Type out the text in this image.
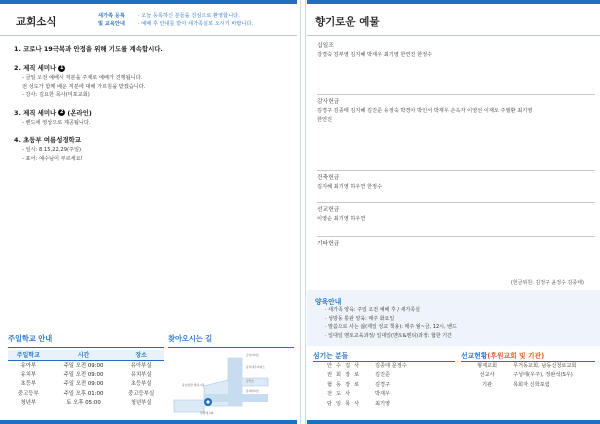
교회소식	새가족 등록
및 교육안내
· 오늘 등록하신 분들을 진심으로 환영합니다.
· 예배 후 안내를 받아 새가족실로 오시기 바랍니다.
1. 코로나 19극복과 안정을 위해 기도를 계속합시다.
2. 제직 세미나 1
- 금일 오전 예배시 직분을 주제로 예배가 진행됩니다.
전 성도가 함께 배운 직분에 대해 가르침을 받겠습니다.
- 강사: 김요한 목사(미포교회)
3. 제직 세미나 2 (온라인)
- 밴드에 영상으로 제공됩니다.
4. 초등부 여름성경학교
- 일시: 8.15,22,29(주일)
- 표어: 예수님이 부르세요!
주일학교 안내
주일학교	시간	장소
유아부	주일 오전 09:00	유아부실
유치부	주일 오전 09:00	유치부실
초등부	주일 오전 09:00	초등부실
중고등부	주일 오후 01:00	중고등부실
청년부	토 오후 05:00	청년부실
찾아오시는 길
금호아파트
동부대우아파트
금산로
롯데아파트
송호일반 빌딩시장
일원예교회
향기로운 예물
십일조
강경숙 김부영 김지혜 박재우 최기영 한연진 한정수
감사헌금
김경구 김종태 김지혜 김진준 유정숙 박경아 박인서 박재우 손옥자 이영선 이재오 주필환 최기영
한연진
건축헌금
김지혜 최기영 하우연 한정수
선교헌금
이영순 최기영 하우연
기타헌금
(헌금위원: 김정구 윤정수 김종태)
양육안내
· 새가족 양육: 주일 오전 예배 후 / 새가족실
· 성방동 통판 양육: 매주 화요일
· 말씀으로 사는 삶(제일 성교 책용): 매주 월~금, 12시, 밴드
· 일대일 멘토교육과정/ 일대일(멘토&멘티)과정: 협한 기간
섬기는 분들
안 수 집 사	김종태 문정수
권 회 장 로	김진준
협 동 장 로	김경구
전 도 사	박재우
담 임 목 사	최기영
선교현황(후원교회 및 기관)
형제교회	무거동교회, 남동신청로교회
선교사	구성태(우주), 정완석(S우)
기관	목회자 신학포럼
